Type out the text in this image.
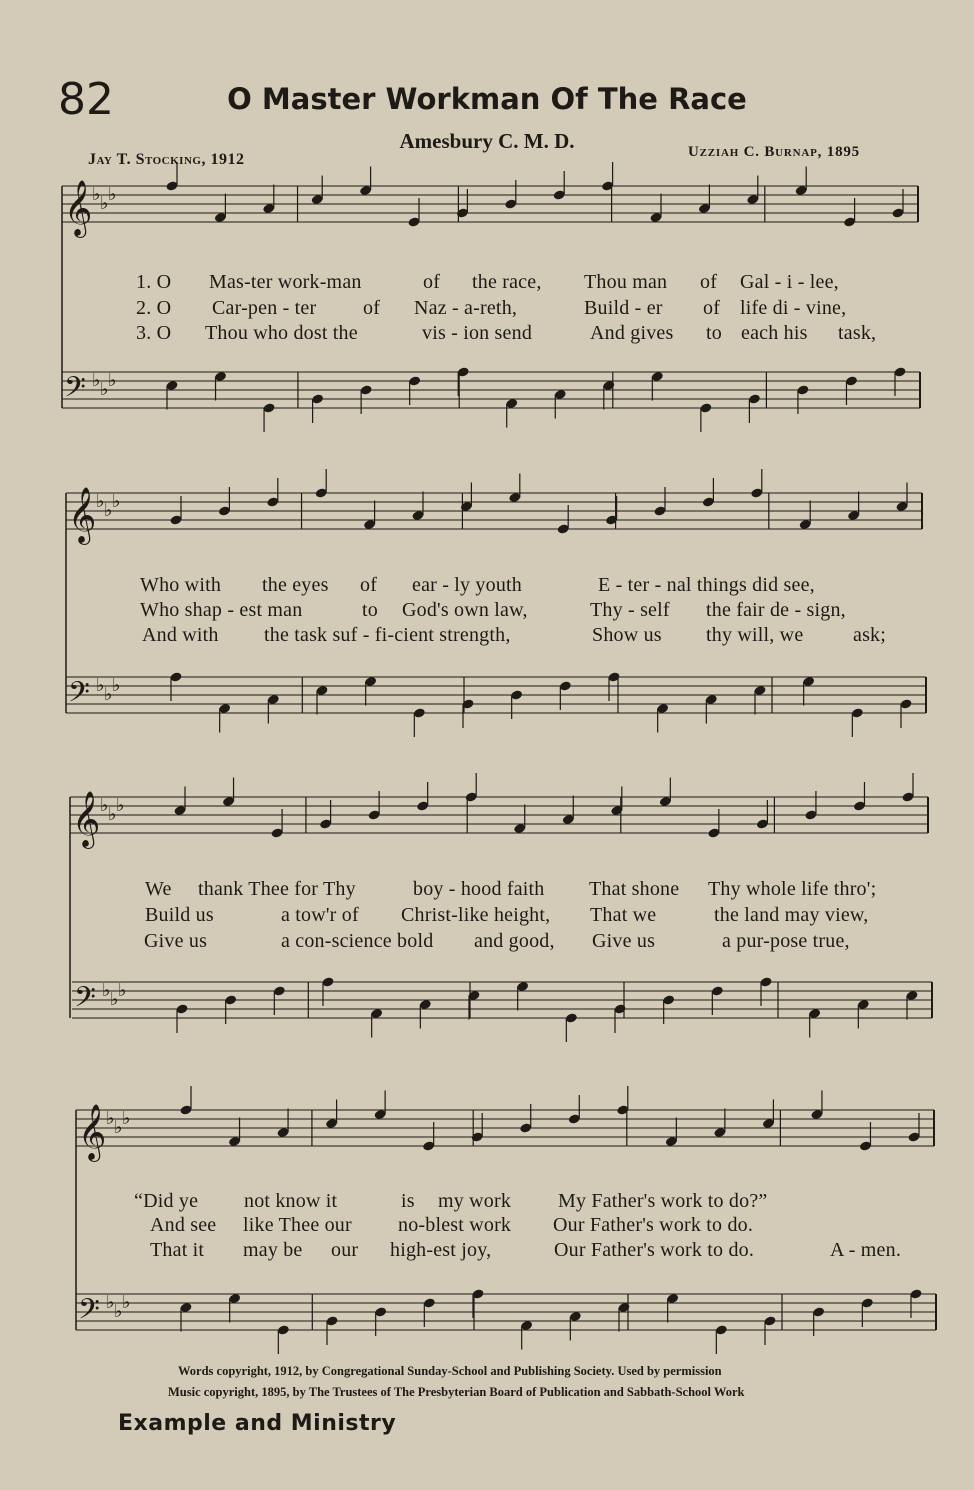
82	O Master Workman Of The Race
Amesbury C. M. D.
Jay T. Stocking, 1912	Uzziah C. Burnap, 1895
𝄞 ♭ ♭ ♭
𝄢 ♭ ♭ ♭
𝄞 ♭ ♭ ♭
𝄢 ♭ ♭ ♭
𝄞 ♭ ♭ ♭
𝄢 ♭ ♭ ♭
𝄞 ♭ ♭ ♭
𝄢 ♭ ♭ ♭
1. O Mas-ter work-man	of the race, Thou man of Gal - i - lee,
2. O Car-pen - ter of Naz - a-reth,	Build - er of life di - vine,
3. O Thou who dost the	vis - ion send	And gives to each his task,
Who with the eyes of ear - ly youth	E - ter - nal things did see,
Who shap - est man	to God's own law,	Thy - self the fair de - sign,
And with the task suf - fi-cient strength,	Show us thy will, we ask;
We thank Thee for Thy	boy - hood faith That shone Thy whole life thro';
Build us	a tow'r of Christ-like height, That we	the land may view,
Give us	a con-science bold and good, Give us	a pur-pose true,
“Did ye not know it	is my work My Father's work to do?”
And see like Thee our no-blest work Our Father's work to do.
That it may be our high-est joy,	Our Father's work to do.	A - men.
Words copyright, 1912, by Congregational Sunday-School and Publishing Society. Used by permission
Music copyright, 1895, by The Trustees of The Presbyterian Board of Publication and Sabbath-School Work
Example and Ministry
